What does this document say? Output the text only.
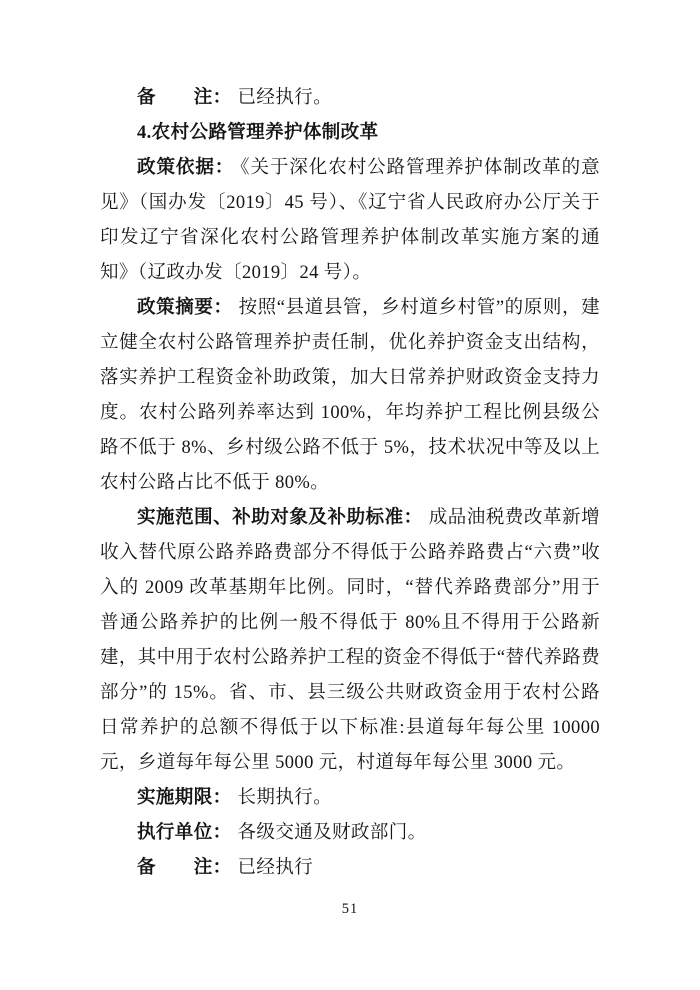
备　　注： 已经执行。

4.农村公路管理养护体制改革

政策依据： 《关于深化农村公路管理养护体制改革的意见》（国办发〔2019〕45 号）、《辽宁省人民政府办公厅关于印发辽宁省深化农村公路管理养护体制改革实施方案的通知》（辽政办发〔2019〕24 号）。

政策摘要： 按照“县道县管，乡村道乡村管”的原则，建立健全农村公路管理养护责任制，优化养护资金支出结构，落实养护工程资金补助政策，加大日常养护财政资金支持力度。农村公路列养率达到 100%，年均养护工程比例县级公路不低于 8%、乡村级公路不低于 5%，技术状况中等及以上农村公路占比不低于 80%。

实施范围、补助对象及补助标准： 成品油税费改革新增收入替代原公路养路费部分不得低于公路养路费占“六费”收入的 2009 改革基期年比例。同时，“替代养路费部分”用于普通公路养护的比例一般不得低于 80%且不得用于公路新建，其中用于农村公路养护工程的资金不得低于“替代养路费部分”的 15%。省、市、县三级公共财政资金用于农村公路日常养护的总额不得低于以下标准:县道每年每公里 10000 元，乡道每年每公里 5000 元，村道每年每公里 3000 元。

实施期限： 长期执行。

执行单位： 各级交通及财政部门。

备　　注： 已经执行

51
